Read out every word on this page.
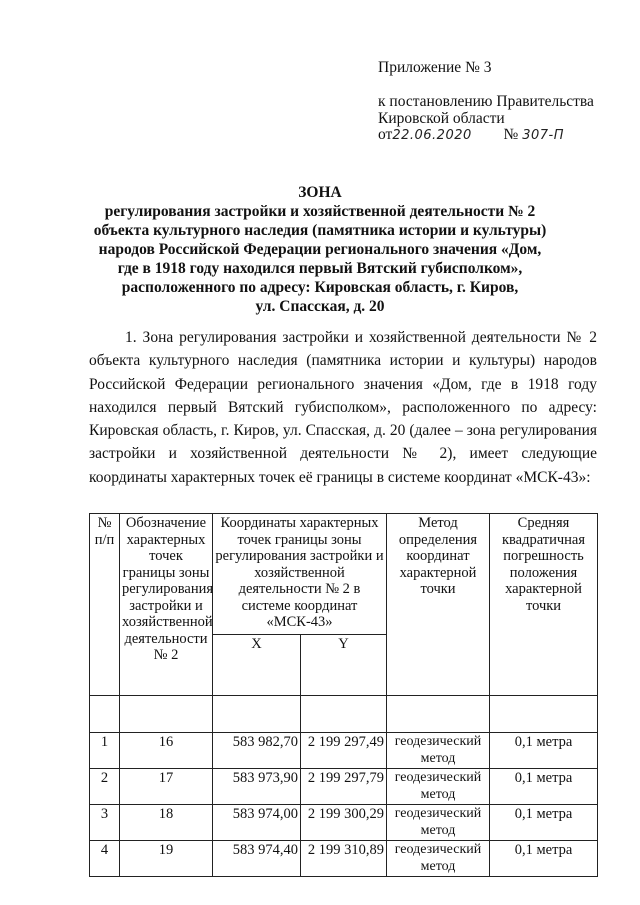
Приложение № 3
к постановлению Правительства
Кировской области
от22.06.2020 № 307-П
ЗОНА
регулирования застройки и хозяйственной деятельности № 2
объекта культурного наследия (памятника истории и культуры)
народов Российской Федерации регионального значения «Дом,
где в 1918 году находился первый Вятский губисполком»,
расположенного по адресу: Кировская область, г. Киров,
ул. Спасская, д. 20
1. Зона регулирования застройки и хозяйственной деятельности № 2 объекта культурного наследия (памятника истории и культуры) народов Российской Федерации регионального значения «Дом, где в 1918 году находился первый Вятский губисполком», расположенного по адресу: Кировская область, г. Киров, ул. Спасская, д. 20 (далее – зона регулирования застройки и хозяйственной деятельности № 2), имеет следующие координаты характерных точек её границы в системе координат «МСК-43»:
№ п/п	Обозначение характерных точек границы зоны регулирования застройки и хозяйственной деятельности № 2	Координаты характерных точек границы зоны регулирования застройки и хозяйственной деятельности № 2 в системе координат «МСК-43»		Метод определения координат характерной точки	Средняя квадратичная погрешность положения характерной точки
		X	Y		

1	16	583 982,70	2 199 297,49	геодезический метод	0,1 метра
2	17	583 973,90	2 199 297,79	геодезический метод	0,1 метра
3	18	583 974,00	2 199 300,29	геодезический метод	0,1 метра
4	19	583 974,40	2 199 310,89	геодезический метод	0,1 метра
